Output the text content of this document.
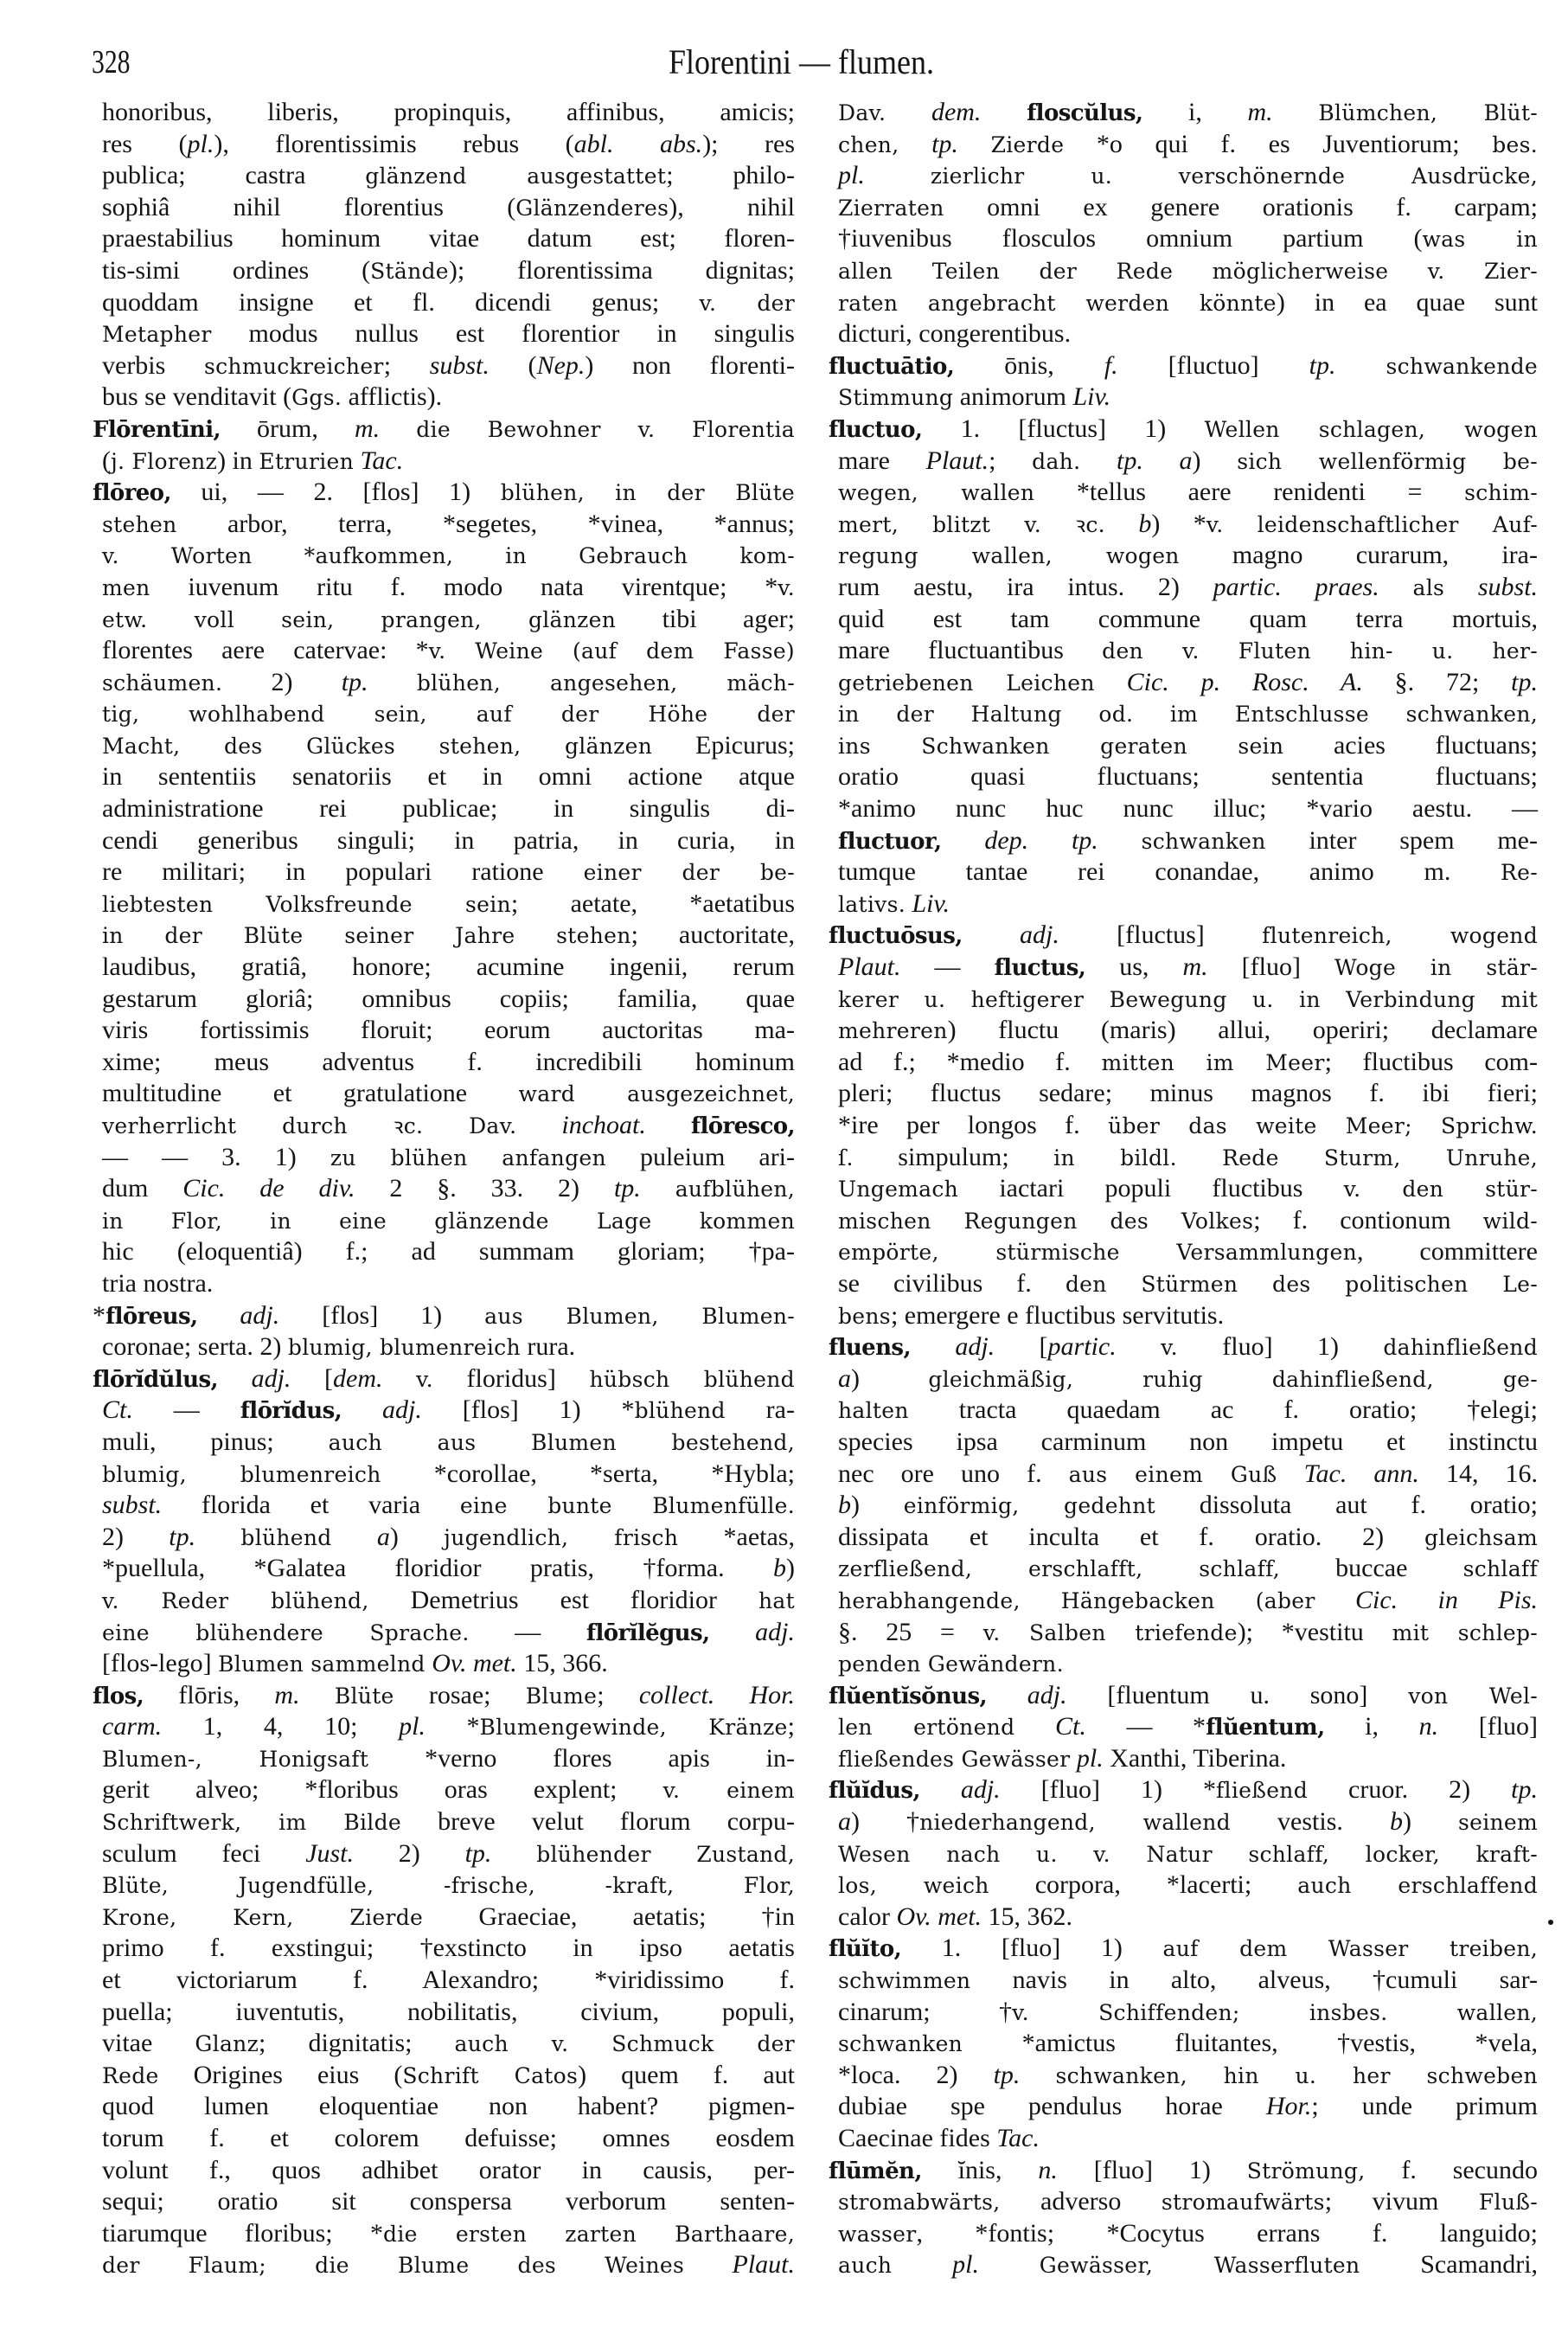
328	Florentini — flumen.
honoribus, liberis, propinquis, affinibus, amicis;
res (pl.), florentissimis rebus (abl. abs.); res
publica; castra glänzend ausgestattet; philo-
sophiâ nihil florentius (Glänzenderes), nihil
praestabilius hominum vitae datum est; floren-
tis-simi ordines (Stände); florentissima dignitas;
quoddam insigne et fl. dicendi genus; v. der
Metapher modus nullus est florentior in singulis
verbis schmuckreicher; subst. (Nep.) non florenti-
bus se venditavit (Ggs. afflictis).
Flōrentīni, ōrum, m. die Bewohner v. Florentia
(j. Florenz) in Etrurien Tac.
flōreo, ui, — 2. [flos] 1) blühen, in der Blüte
stehen arbor, terra, *segetes, *vinea, *annus;
v. Worten *aufkommen, in Gebrauch kom-
men iuvenum ritu f. modo nata virentque; *v.
etw. voll sein, prangen, glänzen tibi ager;
florentes aere catervae: *v. Weine (auf dem Fasse)
schäumen. 2) tp. blühen, angesehen, mäch-
tig, wohlhabend sein, auf der Höhe der
Macht, des Glückes stehen, glänzen Epicurus;
in sententiis senatoriis et in omni actione atque
administratione rei publicae; in singulis di-
cendi generibus singuli; in patria, in curia, in
re militari; in populari ratione einer der be-
liebtesten Volksfreunde sein; aetate, *aetatibus
in der Blüte seiner Jahre stehen; auctoritate,
laudibus, gratiâ, honore; acumine ingenii, rerum
gestarum gloriâ; omnibus copiis; familia, quae
viris fortissimis floruit; eorum auctoritas ma-
xime; meus adventus f. incredibili hominum
multitudine et gratulatione ward ausgezeichnet,
verherrlicht durch ꝛc. Dav. inchoat. flōresco,
— — 3. 1) zu blühen anfangen puleium ari-
dum Cic. de div. 2 §. 33. 2) tp. aufblühen,
in Flor, in eine glänzende Lage kommen
hic (eloquentiâ) f.; ad summam gloriam; †pa-
tria nostra.
*flōreus, adj. [flos] 1) aus Blumen, Blumen-
coronae; serta. 2) blumig, blumenreich rura.
flōrĭdŭlus, adj. [dem. v. floridus] hübsch blühend
Ct. — flōrĭdus, adj. [flos] 1) *blühend ra-
muli, pinus; auch aus Blumen bestehend,
blumig, blumenreich *corollae, *serta, *Hybla;
subst. florida et varia eine bunte Blumenfülle.
2) tp. blühend a) jugendlich, frisch *aetas,
*puellula, *Galatea floridior pratis, †forma. b)
v. Reder blühend, Demetrius est floridior hat
eine blühendere Sprache. — flōrĭlĕgus, adj.
[flos-lego] Blumen sammelnd Ov. met. 15, 366.
flos, flōris, m. Blüte rosae; Blume; collect. Hor.
carm. 1, 4, 10; pl. *Blumengewinde, Kränze;
Blumen-, Honigsaft *verno flores apis in-
gerit alveo; *floribus oras explent; v. einem
Schriftwerk, im Bilde breve velut florum corpu-
sculum feci Just. 2) tp. blühender Zustand,
Blüte, Jugendfülle, -frische, -kraft, Flor,
Krone, Kern, Zierde Graeciae, aetatis; †in
primo f. exstingui; †exstincto in ipso aetatis
et victoriarum f. Alexandro; *viridissimo f.
puella; iuventutis, nobilitatis, civium, populi,
vitae Glanz; dignitatis; auch v. Schmuck der
Rede Origines eius (Schrift Catos) quem f. aut
quod lumen eloquentiae non habent? pigmen-
torum f. et colorem defuisse; omnes eosdem
volunt f., quos adhibet orator in causis, per-
sequi; oratio sit conspersa verborum senten-
tiarumque floribus; *die ersten zarten Barthaare,
der Flaum; die Blume des Weines Plaut.
Dav. dem. floscŭlus, i, m. Blümchen, Blüt-
chen, tp. Zierde *o qui f. es Juventiorum; bes.
pl.	zierlichr u. verschönernde Ausdrücke,
Zierraten omni ex genere orationis f. carpam;
†iuvenibus flosculos omnium partium (was in
allen Teilen der Rede möglicherweise v. Zier-
raten angebracht werden könnte) in ea quae sunt
dicturi, congerentibus.
fluctuātio, ōnis, f. [fluctuo] tp. schwankende
Stimmung animorum Liv.
fluctuo, 1. [fluctus] 1) Wellen schlagen, wogen
mare Plaut.; dah. tp. a) sich wellenförmig be-
wegen, wallen *tellus aere renidenti = schim-
mert, blitzt v. ꝛc. b) *v. leidenschaftlicher Auf-
regung wallen, wogen magno curarum, ira-
rum aestu, ira intus. 2) partic. praes. als subst.
quid est tam commune quam terra mortuis,
mare fluctuantibus den v. Fluten hin- u. her-
getriebenen Leichen Cic. p. Rosc. A. §. 72; tp.
in der Haltung od. im Entschlusse schwanken,
ins Schwanken geraten sein acies fluctuans;
oratio quasi fluctuans; sententia fluctuans;
*animo nunc huc nunc illuc; *vario aestu. —
fluctuor, dep. tp. schwanken inter spem me-
tumque tantae rei conandae, animo m. Re-
lativs. Liv.
fluctuōsus, adj. [fluctus] flutenreich, wogend
Plaut. — fluctus, us, m. [fluo] Woge in stär-
kerer u. heftigerer Bewegung u. in Verbindung mit
mehreren) fluctu (maris) allui, operiri; declamare
ad f.; *medio f. mitten im Meer; fluctibus com-
pleri; fluctus sedare; minus magnos f. ibi fieri;
*ire per longos f. über das weite Meer; Sprichw.
ſ. simpulum; in bildl. Rede Sturm, Unruhe,
Ungemach iactari populi fluctibus v. den stür-
mischen Regungen des Volkes; f. contionum wild-
empörte, stürmische Versammlungen, committere
se civilibus f. den Stürmen des politischen Le-
bens; emergere e fluctibus servitutis.
fluens, adj. [partic. v. fluo] 1) dahinfließend
a) gleichmäßig, ruhig dahinfließend, ge-
halten tracta quaedam ac f. oratio; †elegi;
species ipsa carminum non impetu et instinctu
nec ore uno f. aus einem Guß Tac. ann. 14, 16.
b) einförmig, gedehnt dissoluta aut f. oratio;
dissipata et inculta et f. oratio. 2) gleichsam
zerfließend, erschlafft, schlaff, buccae schlaff
herabhangende, Hängebacken (aber Cic. in Pis.
§. 25 = v. Salben triefende); *vestitu mit schlep-
penden Gewändern.
flŭentĭsŏnus, adj. [fluentum u. sono] von Wel-
len ertönend Ct. — *flŭentum, i, n. [fluo]
fließendes Gewässer pl. Xanthi, Tiberina.
flŭĭdus, adj. [fluo] 1) *fließend cruor. 2) tp.
a) †niederhangend, wallend vestis. b) seinem
Wesen nach u. v. Natur schlaff, locker, kraft-
los, weich corpora, *lacerti; auch erschlaffend
calor Ov. met. 15, 362.
flŭĭto, 1. [fluo] 1) auf dem Wasser treiben,
schwimmen navis in alto, alveus, †cumuli sar-
cinarum; †v. Schiffenden; insbes. wallen,
schwanken *amictus fluitantes, †vestis, *vela,
*loca. 2) tp. schwanken, hin u. her schweben
dubiae spe pendulus horae Hor.; unde primum
Caecinae fides Tac.
flūmĕn, ĭnis, n. [fluo] 1) Strömung, f. secundo
stromabwärts, adverso stromaufwärts; vivum Fluß-
wasser, *fontis; *Cocytus errans f. languido;
auch pl.	Gewässer, Wasserfluten Scamandri,
